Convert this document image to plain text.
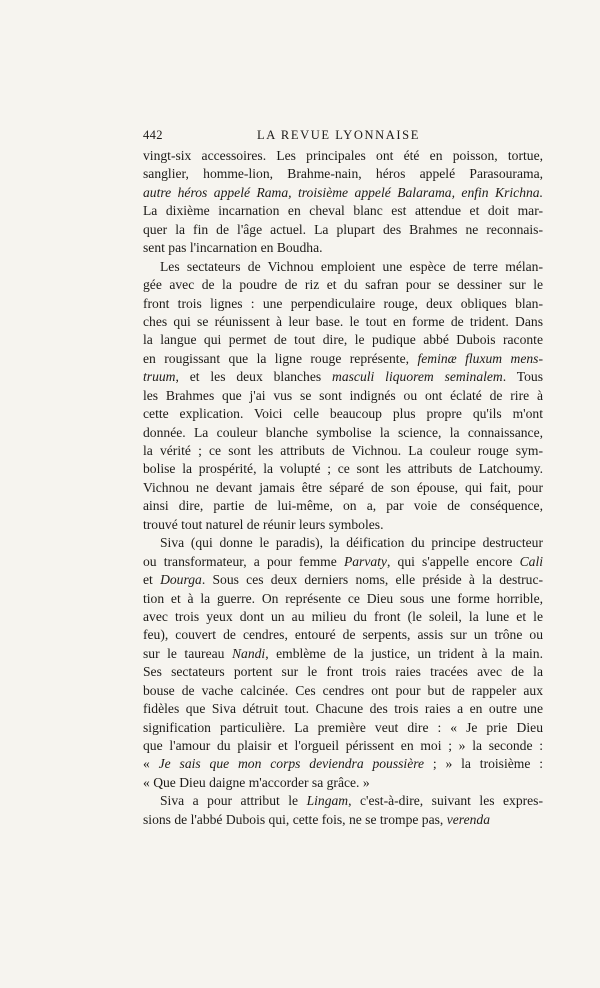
442	LA REVUE LYONNAISE
vingt-six accessoires. Les principales ont été en poisson, tortue,
sanglier, homme-lion, Brahme-nain, héros appelé Parasourama,
autre héros appelé Rama, troisième appelé Balarama, enfin Krichna.
La dixième incarnation en cheval blanc est attendue et doit mar-
quer la fin de l'âge actuel. La plupart des Brahmes ne reconnais-
sent pas l'incarnation en Boudha.
Les sectateurs de Vichnou emploient une espèce de terre mélan-
gée avec de la poudre de riz et du safran pour se dessiner sur le
front trois lignes : une perpendiculaire rouge, deux obliques blan-
ches qui se réunissent à leur base. le tout en forme de trident. Dans
la langue qui permet de tout dire, le pudique abbé Dubois raconte
en rougissant que la ligne rouge représente, feminæ fluxum mens-
truum, et les deux blanches masculi liquorem seminalem. Tous
les Brahmes que j'ai vus se sont indignés ou ont éclaté de rire à
cette explication. Voici celle beaucoup plus propre qu'ils m'ont
donnée. La couleur blanche symbolise la science, la connaissance,
la vérité ; ce sont les attributs de Vichnou. La couleur rouge sym-
bolise la prospérité, la volupté ; ce sont les attributs de Latchoumy.
Vichnou ne devant jamais être séparé de son épouse, qui fait, pour
ainsi dire, partie de lui-même, on a, par voie de conséquence,
trouvé tout naturel de réunir leurs symboles.
Siva (qui donne le paradis), la déification du principe destructeur
ou transformateur, a pour femme Parvaty, qui s'appelle encore Cali
et Dourga. Sous ces deux derniers noms, elle préside à la destruc-
tion et à la guerre. On représente ce Dieu sous une forme horrible,
avec trois yeux dont un au milieu du front (le soleil, la lune et le
feu), couvert de cendres, entouré de serpents, assis sur un trône ou
sur le taureau Nandi, emblème de la justice, un trident à la main.
Ses sectateurs portent sur le front trois raies tracées avec de la
bouse de vache calcinée. Ces cendres ont pour but de rappeler aux
fidèles que Siva détruit tout. Chacune des trois raies a en outre une
signification particulière. La première veut dire : « Je prie Dieu
que l'amour du plaisir et l'orgueil périssent en moi ; » la seconde :
« Je sais que mon corps deviendra poussière ; » la troisième :
« Que Dieu daigne m'accorder sa grâce. »
Siva a pour attribut le Lingam, c'est-à-dire, suivant les expres-
sions de l'abbé Dubois qui, cette fois, ne se trompe pas, verenda
